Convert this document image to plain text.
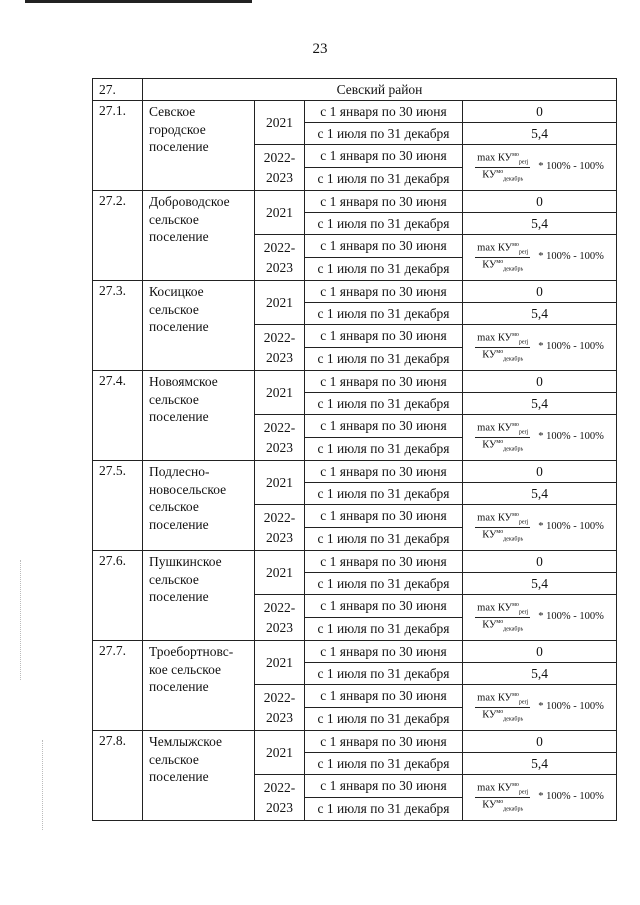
23
27.	Севский район			
27.1.	Севское городское поселение	2021	с 1 января по 30 июня	0
			с 1 июля по 31 декабря	5,4
		2022-2023	с 1 января по 30 июня	$\frac{\max КУ^{мо}_{perj}}{КУ^{мо}_{декабрь}} * 100\% - 100\%$

			с 1 июля по 31 декабря	
27.2.	Добροводское сельское поселение	2021	с 1 января по 30 июня	0
			с 1 июля по 31 декабря	5,4
		2022-2023	с 1 января по 30 июня	$\frac{\max КУ^{мо}_{perj}}{КУ^{мо}_{декабрь}} * 100\% - 100\%$

			с 1 июля по 31 декабря	
27.3.	Косицкое сельское поселение	2021	с 1 января по 30 июня	0
			с 1 июля по 31 декабря	5,4
		2022-2023	с 1 января по 30 июня	$\frac{\max КУ^{мо}_{perj}}{КУ^{мо}_{декабрь}} * 100\% - 100\%$

			с 1 июля по 31 декабря	
27.4.	Новоямское сельское поселение	2021	с 1 января по 30 июня	0
			с 1 июля по 31 декабря	5,4
		2022-2023	с 1 января по 30 июня	$\frac{\max КУ^{мо}_{perj}}{КУ^{мо}_{декабрь}} * 100\% - 100\%$

			с 1 июля по 31 декабря	
27.5.	Подлесно-новосельское сельское поселение	2021	с 1 января по 30 июня	0
			с 1 июля по 31 декабря	5,4
		2022-2023	с 1 января по 30 июня	$\frac{\max КУ^{мо}_{perj}}{КУ^{мо}_{декабрь}} * 100\% - 100\%$

			с 1 июля по 31 декабря	
27.6.	Пушкинское сельское поселение	2021	с 1 января по 30 июня	0
			с 1 июля по 31 декабря	5,4
		2022-2023	с 1 января по 30 июня	$\frac{\max КУ^{мо}_{perj}}{КУ^{мо}_{декабрь}} * 100\% - 100\%$

			с 1 июля по 31 декабря	
27.7.	Троебортновс-кое сельское поселение	2021	с 1 января по 30 июня	0
			с 1 июля по 31 декабря	5,4
		2022-2023	с 1 января по 30 июня	$\frac{\max КУ^{мо}_{perj}}{КУ^{мо}_{декабрь}} * 100\% - 100\%$

			с 1 июля по 31 декабря	
27.8.	Чемлыжское сельское поселение	2021	с 1 января по 30 июня	0
			с 1 июля по 31 декабря	5,4
		2022-2023	с 1 января по 30 июня	$\frac{\max КУ^{мо}_{perj}}{КУ^{мо}_{декабрь}} * 100\% - 100\%$

			с 1 июля по 31 декабря	
